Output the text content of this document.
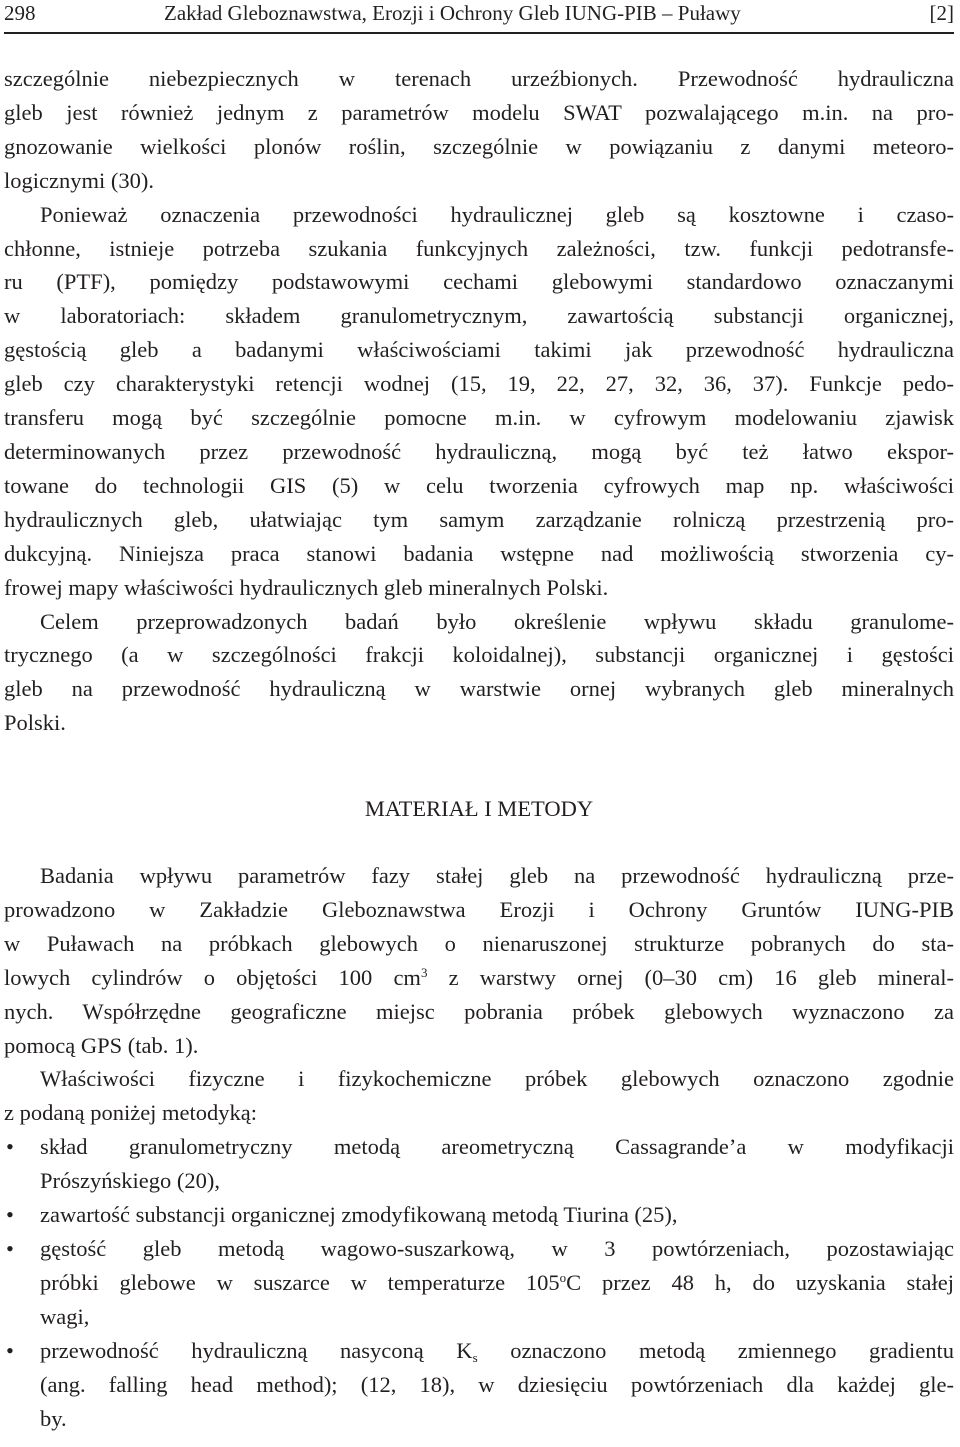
298	Zakład Gleboznawstwa, Erozji i Ochrony Gleb IUNG-PIB – Puławy	[2]
szczególnie niebezpiecznych w terenach urzeźbionych. Przewodność hydrauliczna
gleb jest również jednym z parametrów modelu SWAT pozwalającego m.in. na pro-
gnozowanie wielkości plonów roślin, szczególnie w powiązaniu z danymi meteoro-
logicznymi (30).
Ponieważ oznaczenia przewodności hydraulicznej gleb są kosztowne i czaso-
chłonne, istnieje potrzeba szukania funkcyjnych zależności, tzw. funkcji pedotransfe-
ru (PTF), pomiędzy podstawowymi cechami glebowymi standardowo oznaczanymi
w laboratoriach: składem granulometrycznym, zawartością substancji organicznej,
gęstością gleb a badanymi właściwościami takimi jak przewodność hydrauliczna
gleb czy charakterystyki retencji wodnej (15, 19, 22, 27, 32, 36, 37). Funkcje pedo-
transferu mogą być szczególnie pomocne m.in. w cyfrowym modelowaniu zjawisk
determinowanych przez przewodność hydrauliczną, mogą być też łatwo ekspor-
towane do technologii GIS (5) w celu tworzenia cyfrowych map np. właściwości
hydraulicznych gleb, ułatwiając tym samym zarządzanie rolniczą przestrzenią pro-
dukcyjną. Niniejsza praca stanowi badania wstępne nad możliwością stworzenia cy-
frowej mapy właściwości hydraulicznych gleb mineralnych Polski.
Celem przeprowadzonych badań było określenie wpływu składu granulome-
trycznego (a w szczególności frakcji koloidalnej), substancji organicznej i gęstości
gleb na przewodność hydrauliczną w warstwie ornej wybranych gleb mineralnych
Polski.
MATERIAŁ I METODY
Badania wpływu parametrów fazy stałej gleb na przewodność hydrauliczną prze-
prowadzono w Zakładzie Gleboznawstwa Erozji i Ochrony Gruntów IUNG-PIB
w Puławach na próbkach glebowych o nienaruszonej strukturze pobranych do sta-
lowych cylindrów o objętości 100 $cm^3$ z warstwy ornej (0–30 cm) 16 gleb mineral-
nych. Współrzędne geograficzne miejsc pobrania próbek glebowych wyznaczono za
pomocą GPS (tab. 1).
Właściwości fizyczne i fizykochemiczne próbek glebowych oznaczono zgodnie
z podaną poniżej metodyką:
• skład granulometryczny metodą areometryczną Cassagrande’a w modyfikacji
Prószyńskiego (20),
• zawartość substancji organicznej zmodyfikowaną metodą Tiurina (25),
• gęstość gleb metodą wagowo-suszarkową, w 3 powtórzeniach, pozostawiając
próbki glebowe w suszarce w temperaturze 105$^o$C przez 48 h, do uzyskania stałej
wagi,
• przewodność hydrauliczną nasyconą $K_s$ oznaczono metodą zmiennego gradientu
(ang. falling head method); (12, 18), w dziesięciu powtórzeniach dla każdej gle-
by.
